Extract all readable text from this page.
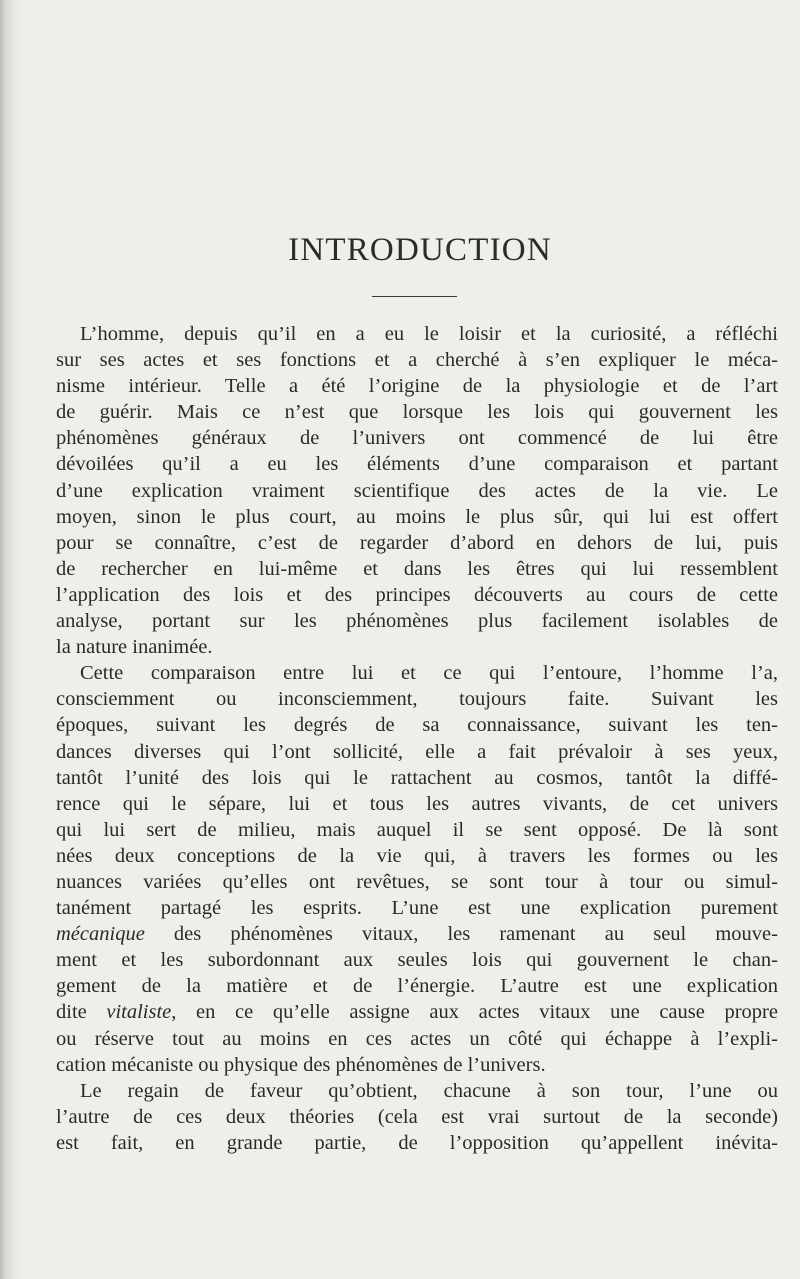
INTRODUCTION
L’homme, depuis qu’il en a eu le loisir et la curiosité, a réfléchi
sur ses actes et ses fonctions et a cherché à s’en expliquer le méca-
nisme intérieur. Telle a été l’origine de la physiologie et de l’art
de guérir. Mais ce n’est que lorsque les lois qui gouvernent les
phénomènes généraux de l’univers ont commencé de lui être
dévoilées qu’il a eu les éléments d’une comparaison et partant
d’une explication vraiment scientifique des actes de la vie. Le
moyen, sinon le plus court, au moins le plus sûr, qui lui est offert
pour se connaître, c’est de regarder d’abord en dehors de lui, puis
de rechercher en lui-même et dans les êtres qui lui ressemblent
l’application des lois et des principes découverts au cours de cette
analyse, portant sur les phénomènes plus facilement isolables de
la nature inanimée.
Cette comparaison entre lui et ce qui l’entoure, l’homme l’a,
consciemment ou inconsciemment, toujours faite. Suivant les
époques, suivant les degrés de sa connaissance, suivant les ten-
dances diverses qui l’ont sollicité, elle a fait prévaloir à ses yeux,
tantôt l’unité des lois qui le rattachent au cosmos, tantôt la diffé-
rence qui le sépare, lui et tous les autres vivants, de cet univers
qui lui sert de milieu, mais auquel il se sent opposé. De là sont
nées deux conceptions de la vie qui, à travers les formes ou les
nuances variées qu’elles ont revêtues, se sont tour à tour ou simul-
tanément partagé les esprits. L’une est une explication purement
mécanique des phénomènes vitaux, les ramenant au seul mouve-
ment et les subordonnant aux seules lois qui gouvernent le chan-
gement de la matière et de l’énergie. L’autre est une explication
dite vitaliste, en ce qu’elle assigne aux actes vitaux une cause propre
ou réserve tout au moins en ces actes un côté qui échappe à l’expli-
cation mécaniste ou physique des phénomènes de l’univers.
Le regain de faveur qu’obtient, chacune à son tour, l’une ou
l’autre de ces deux théories (cela est vrai surtout de la seconde)
est fait, en grande partie, de l’opposition qu’appellent inévita-
